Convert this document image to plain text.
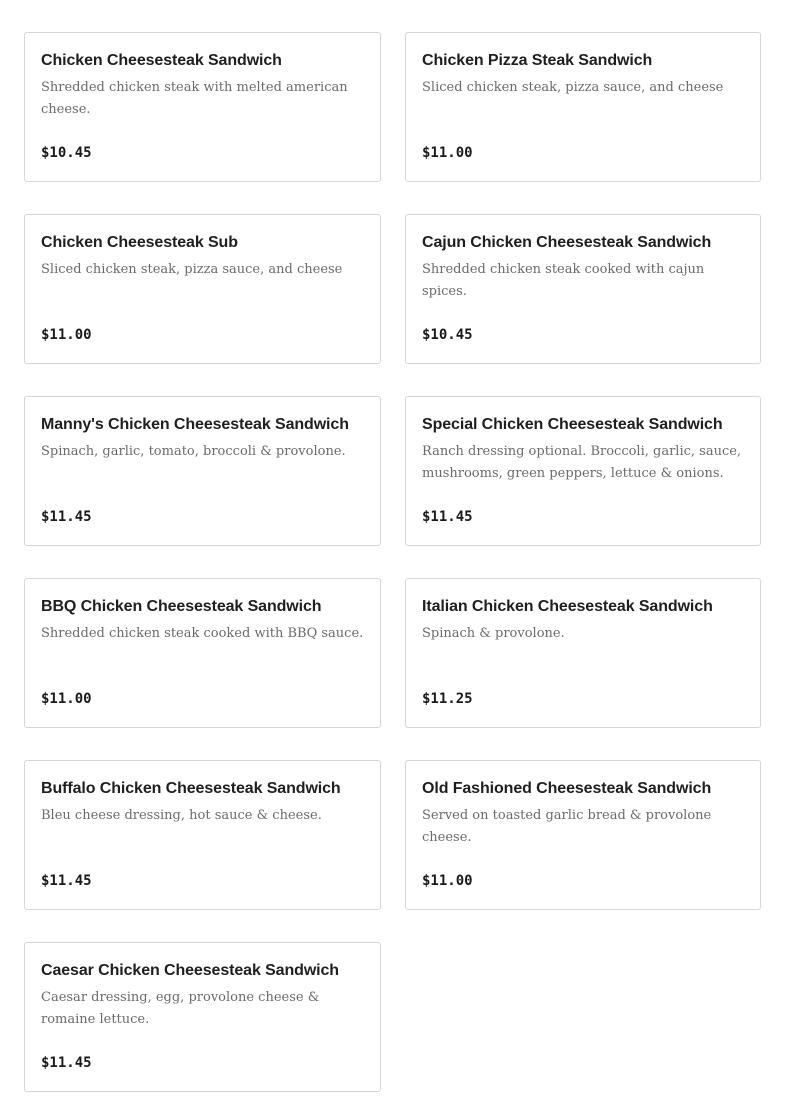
Chicken Cheesesteak Sandwich
Shredded chicken steak with melted american cheese.
$10.45
Chicken Pizza Steak Sandwich
Sliced chicken steak, pizza sauce, and cheese
$11.00
Chicken Cheesesteak Sub
Sliced chicken steak, pizza sauce, and cheese
$11.00
Cajun Chicken Cheesesteak Sandwich
Shredded chicken steak cooked with cajun spices.
$10.45
Manny's Chicken Cheesesteak Sandwich
Spinach, garlic, tomato, broccoli & provolone.
$11.45
Special Chicken Cheesesteak Sandwich
Ranch dressing optional. Broccoli, garlic, sauce, mushrooms, green peppers, lettuce & onions.
$11.45
BBQ Chicken Cheesesteak Sandwich
Shredded chicken steak cooked with BBQ sauce.
$11.00
Italian Chicken Cheesesteak Sandwich
Spinach & provolone.
$11.25
Buffalo Chicken Cheesesteak Sandwich
Bleu cheese dressing, hot sauce & cheese.
$11.45
Old Fashioned Cheesesteak Sandwich
Served on toasted garlic bread & provolone cheese.
$11.00
Caesar Chicken Cheesesteak Sandwich
Caesar dressing, egg, provolone cheese & romaine lettuce.
$11.45
